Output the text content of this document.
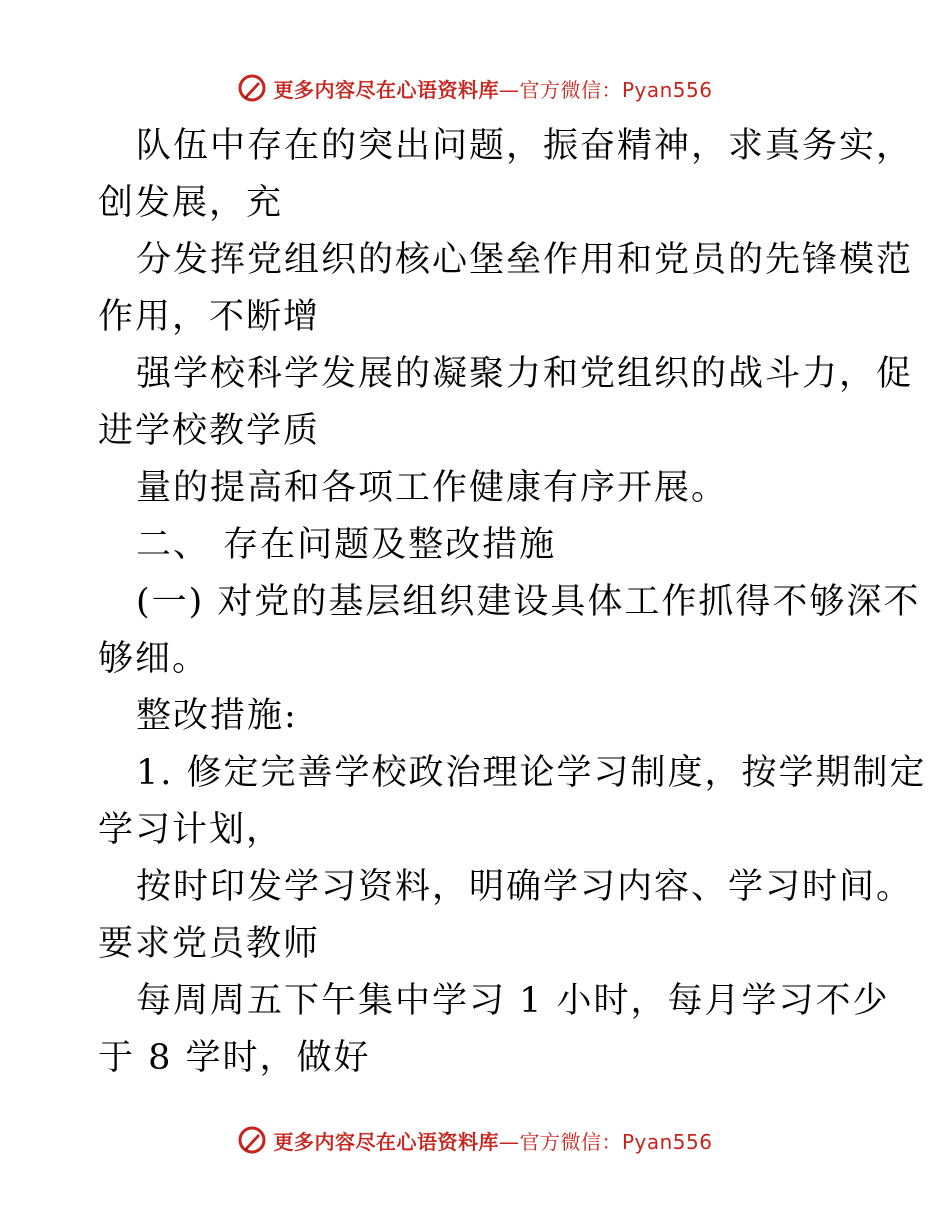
更多内容尽在心语资料库—官方微信：Pyan556

队伍中存在的突出问题，振奋精神，求真务实，

创发展，充

分发挥党组织的核心堡垒作用和党员的先锋模范

作用，不断增

强学校科学发展的凝聚力和党组织的战斗力，促

进学校教学质

量的提高和各项工作健康有序开展。

二、 存在问题及整改措施

(一) 对党的基层组织建设具体工作抓得不够深不

够细。

整改措施:

1. 修定完善学校政治理论学习制度，按学期制定

学习计划，

按时印发学习资料，明确学习内容、学习时间。

要求党员教师

每周周五下午集中学习 1 小时，每月学习不少

于 8 学时，做好

更多内容尽在心语资料库—官方微信：Pyan556
